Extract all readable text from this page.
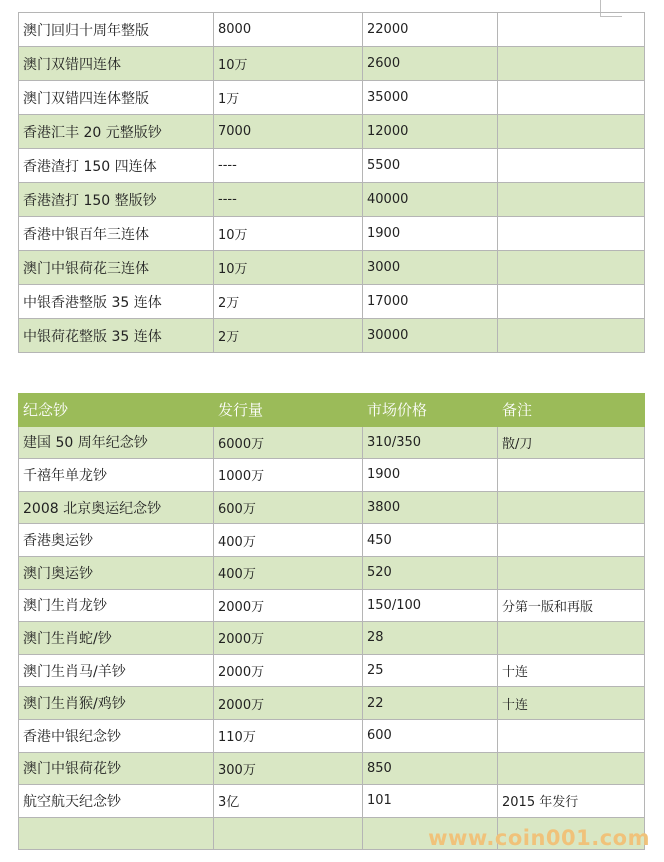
澳门回归十周年整版	8000	22000	
澳门双错四连体	10万	2600	
澳门双错四连体整版	1万	35000	
香港汇丰 20 元整版钞	7000	12000	
香港渣打 150 四连体	----	5500	
香港渣打 150 整版钞	----	40000	
香港中银百年三连体	10万	1900	
澳门中银荷花三连体	10万	3000	
中银香港整版 35 连体	2万	17000	
中银荷花整版 35 连体	2万	30000	
纪念钞	发行量	市场价格	备注
建国 50 周年纪念钞	6000万	310/350	散/刀
千禧年单龙钞	1000万	1900	
2008 北京奥运纪念钞	600万	3800	
香港奥运钞	400万	450	
澳门奥运钞	400万	520	
澳门生肖龙钞	2000万	150/100	分第一版和再版
澳门生肖蛇/钞	2000万	28	
澳门生肖马/羊钞	2000万	25	十连
澳门生肖猴/鸡钞	2000万	22	十连
香港中银纪念钞	110万	600	
澳门中银荷花钞	300万	850	
航空航天纪念钞	3亿	101	2015 年发行

www.coin001.com
